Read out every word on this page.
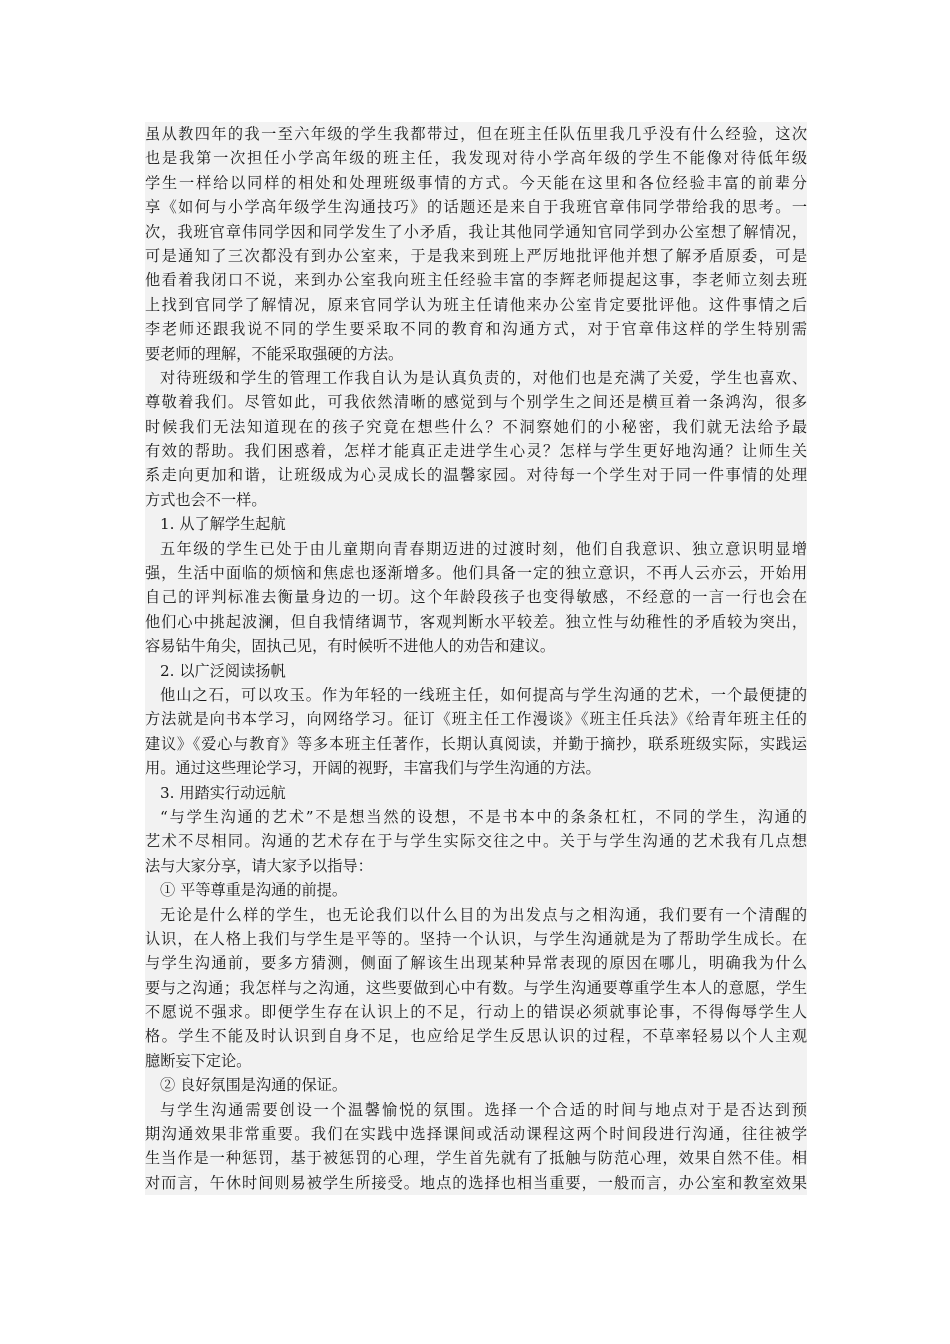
虽从教四年的我一至六年级的学生我都带过，但在班主任队伍里我几乎没有什么经验，这次
也是我第一次担任小学高年级的班主任，我发现对待小学高年级的学生不能像对待低年级
学生一样给以同样的相处和处理班级事情的方式。今天能在这里和各位经验丰富的前辈分
享《如何与小学高年级学生沟通技巧》的话题还是来自于我班官章伟同学带给我的思考。一
次，我班官章伟同学因和同学发生了小矛盾，我让其他同学通知官同学到办公室想了解情况，
可是通知了三次都没有到办公室来，于是我来到班上严厉地批评他并想了解矛盾原委，可是
他看着我闭口不说，来到办公室我向班主任经验丰富的李辉老师提起这事，李老师立刻去班
上找到官同学了解情况，原来官同学认为班主任请他来办公室肯定要批评他。这件事情之后
李老师还跟我说不同的学生要采取不同的教育和沟通方式，对于官章伟这样的学生特别需
要老师的理解，不能采取强硬的方法。
对待班级和学生的管理工作我自认为是认真负责的，对他们也是充满了关爱，学生也喜欢、
尊敬着我们。尽管如此，可我依然清晰的感觉到与个别学生之间还是横亘着一条鸿沟，很多
时候我们无法知道现在的孩子究竟在想些什么？不洞察她们的小秘密，我们就无法给予最
有效的帮助。我们困惑着，怎样才能真正走进学生心灵？怎样与学生更好地沟通？让师生关
系走向更加和谐，让班级成为心灵成长的温馨家园。对待每一个学生对于同一件事情的处理
方式也会不一样。
1. 从了解学生起航
五年级的学生已处于由儿童期向青春期迈进的过渡时刻，他们自我意识、独立意识明显增
强，生活中面临的烦恼和焦虑也逐渐增多。他们具备一定的独立意识，不再人云亦云，开始用
自己的评判标准去衡量身边的一切。这个年龄段孩子也变得敏感，不经意的一言一行也会在
他们心中挑起波澜，但自我情绪调节，客观判断水平较差。独立性与幼稚性的矛盾较为突出，
容易钻牛角尖，固执己见，有时候听不进他人的劝告和建议。
2. 以广泛阅读扬帆
他山之石，可以攻玉。作为年轻的一线班主任，如何提高与学生沟通的艺术，一个最便捷的
方法就是向书本学习，向网络学习。征订《班主任工作漫谈》《班主任兵法》《给青年班主任的
建议》《爱心与教育》等多本班主任著作，长期认真阅读，并勤于摘抄，联系班级实际，实践运
用。通过这些理论学习，开阔的视野，丰富我们与学生沟通的方法。
3. 用踏实行动远航
“与学生沟通的艺术”不是想当然的设想，不是书本中的条条杠杠，不同的学生，沟通的
艺术不尽相同。沟通的艺术存在于与学生实际交往之中。关于与学生沟通的艺术我有几点想
法与大家分享，请大家予以指导：
① 平等尊重是沟通的前提。
无论是什么样的学生，也无论我们以什么目的为出发点与之相沟通，我们要有一个清醒的
认识，在人格上我们与学生是平等的。坚持一个认识，与学生沟通就是为了帮助学生成长。在
与学生沟通前，要多方猜测，侧面了解该生出现某种异常表现的原因在哪儿，明确我为什么
要与之沟通；我怎样与之沟通，这些要做到心中有数。与学生沟通要尊重学生本人的意愿，学生
不愿说不强求。即便学生存在认识上的不足，行动上的错误必须就事论事，不得侮辱学生人
格。学生不能及时认识到自身不足，也应给足学生反思认识的过程，不草率轻易以个人主观
臆断妄下定论。
② 良好氛围是沟通的保证。
与学生沟通需要创设一个温馨愉悦的氛围。选择一个合适的时间与地点对于是否达到预
期沟通效果非常重要。我们在实践中选择课间或活动课程这两个时间段进行沟通，往往被学
生当作是一种惩罚，基于被惩罚的心理，学生首先就有了抵触与防范心理，效果自然不佳。相
对而言，午休时间则易被学生所接受。地点的选择也相当重要，一般而言，办公室和教室效果
